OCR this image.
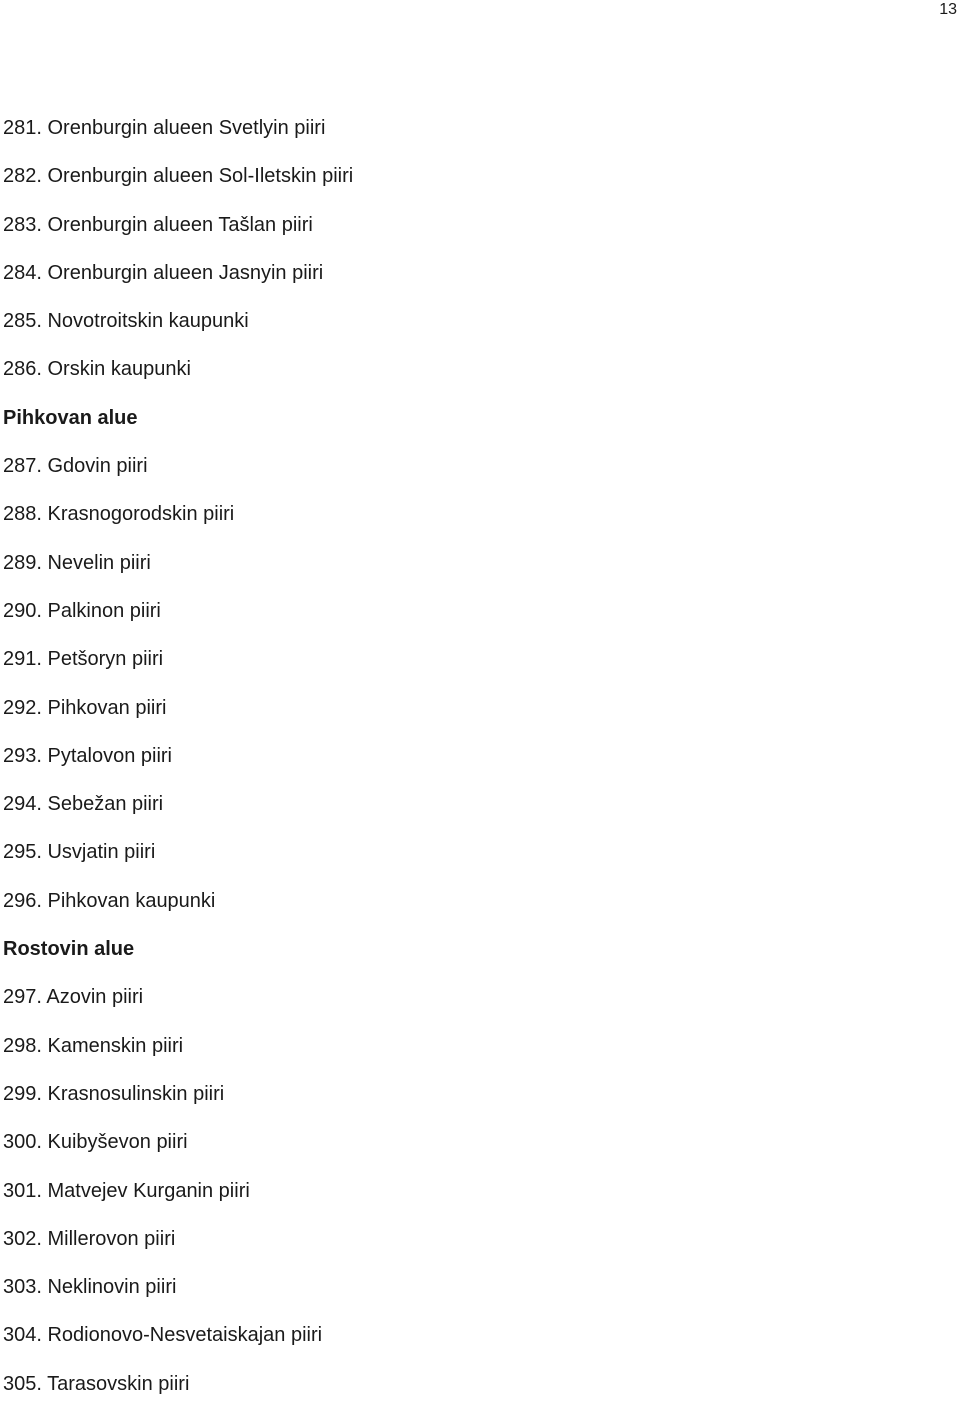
13
281. Orenburgin alueen Svetlyin piiri
282. Orenburgin alueen Sol-Iletskin piiri
283. Orenburgin alueen Tašlan piiri
284. Orenburgin alueen Jasnyin piiri
285. Novotroitskin kaupunki
286. Orskin kaupunki
Pihkovan alue
287. Gdovin piiri
288. Krasnogorodskin piiri
289. Nevelin piiri
290. Palkinon piiri
291. Petšoryn piiri
292. Pihkovan piiri
293. Pytalovon piiri
294. Sebežan piiri
295. Usvjatin piiri
296. Pihkovan kaupunki
Rostovin alue
297. Azovin piiri
298. Kamenskin piiri
299. Krasnosulinskin piiri
300. Kuibyševon piiri
301. Matvejev Kurganin piiri
302. Millerovon piiri
303. Neklinovin piiri
304. Rodionovo-Nesvetaiskajan piiri
305. Tarasovskin piiri
